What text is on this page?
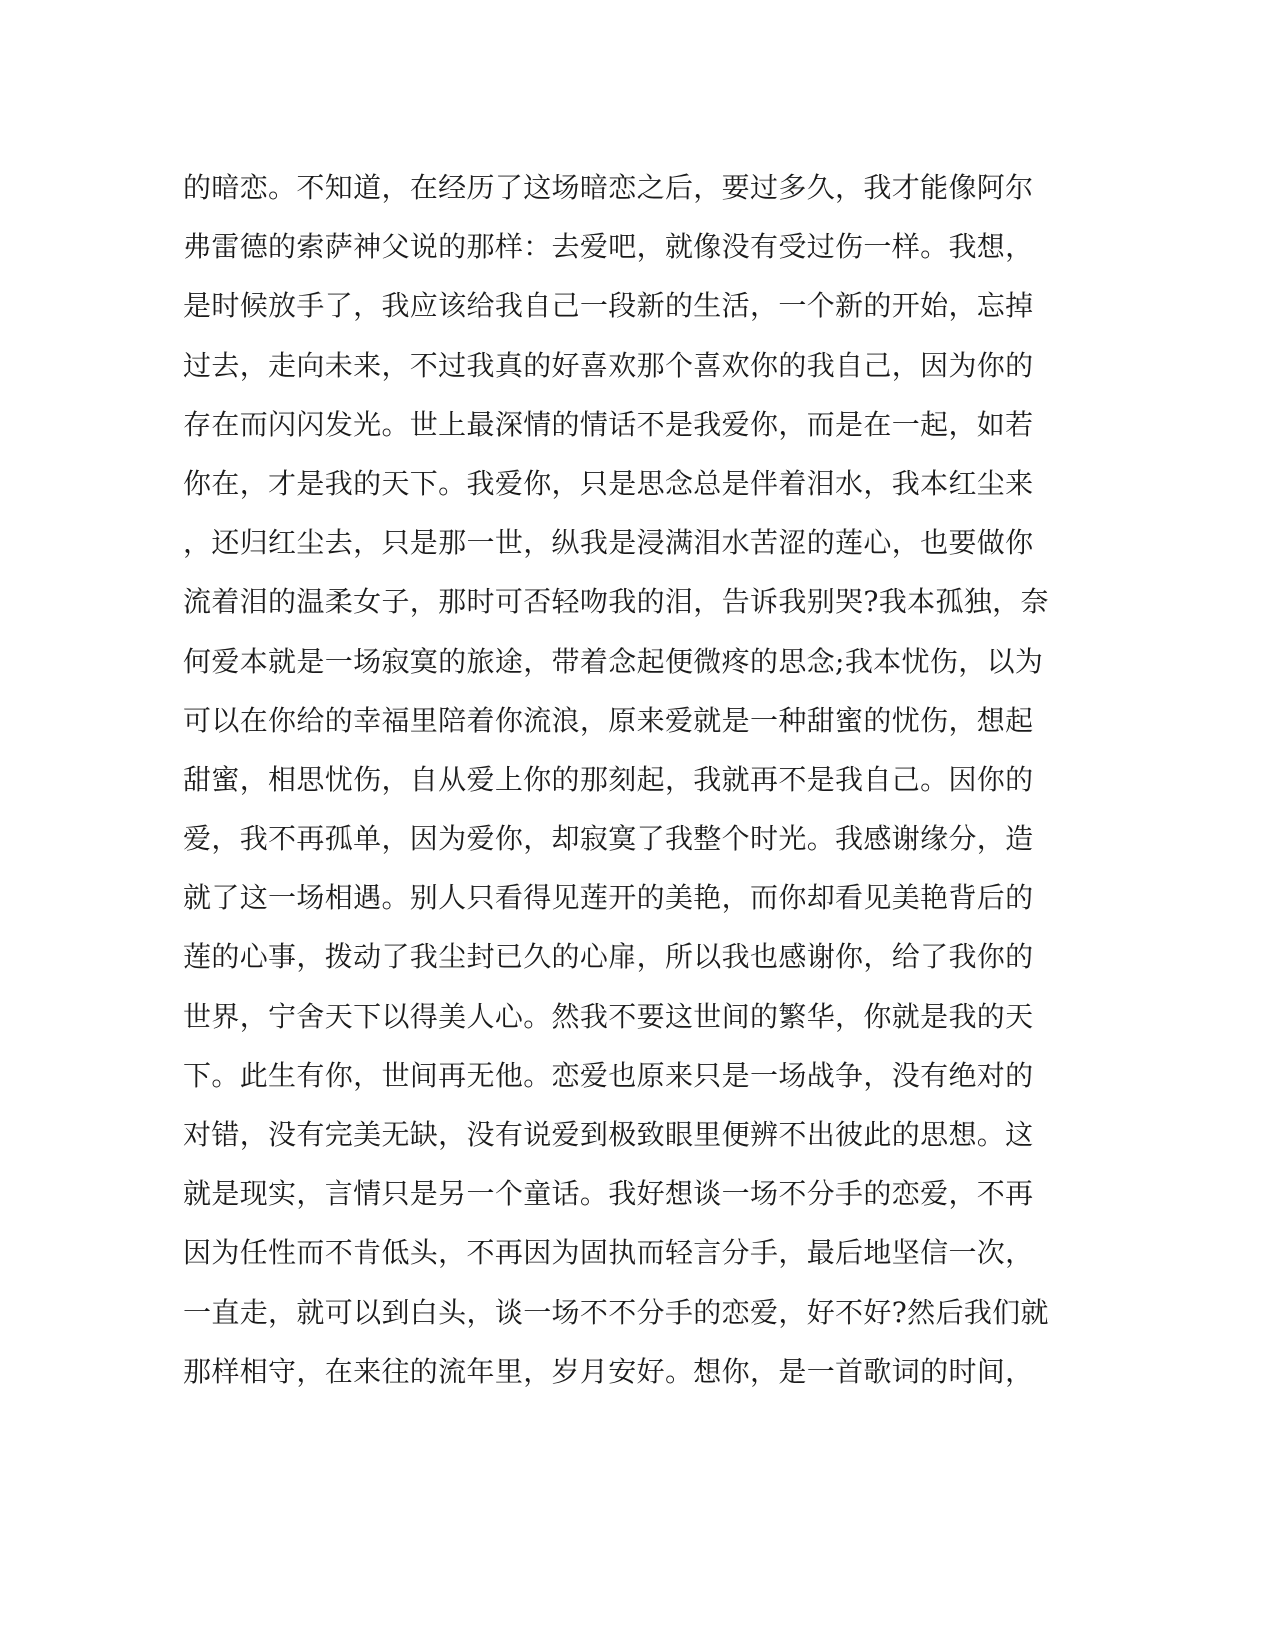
的暗恋。不知道，在经历了这场暗恋之后，要过多久，我才能像阿尔
弗雷德的索萨神父说的那样：去爱吧，就像没有受过伤一样。我想，
是时候放手了，我应该给我自己一段新的生活，一个新的开始，忘掉
过去，走向未来，不过我真的好喜欢那个喜欢你的我自己，因为你的
存在而闪闪发光。世上最深情的情话不是我爱你，而是在一起，如若
你在，才是我的天下。我爱你，只是思念总是伴着泪水，我本红尘来
，还归红尘去，只是那一世，纵我是浸满泪水苦涩的莲心，也要做你
流着泪的温柔女子，那时可否轻吻我的泪，告诉我别哭?我本孤独，奈
何爱本就是一场寂寞的旅途，带着念起便微疼的思念;我本忧伤，以为
可以在你给的幸福里陪着你流浪，原来爱就是一种甜蜜的忧伤，想起
甜蜜，相思忧伤，自从爱上你的那刻起，我就再不是我自己。因你的
爱，我不再孤单，因为爱你，却寂寞了我整个时光。我感谢缘分，造
就了这一场相遇。别人只看得见莲开的美艳，而你却看见美艳背后的
莲的心事，拨动了我尘封已久的心扉，所以我也感谢你，给了我你的
世界，宁舍天下以得美人心。然我不要这世间的繁华，你就是我的天
下。此生有你，世间再无他。恋爱也原来只是一场战争，没有绝对的
对错，没有完美无缺，没有说爱到极致眼里便辨不出彼此的思想。这
就是现实，言情只是另一个童话。我好想谈一场不分手的恋爱，不再
因为任性而不肯低头，不再因为固执而轻言分手，最后地坚信一次，
一直走，就可以到白头，谈一场不不分手的恋爱，好不好?然后我们就
那样相守，在来往的流年里，岁月安好。想你，是一首歌词的时间，
